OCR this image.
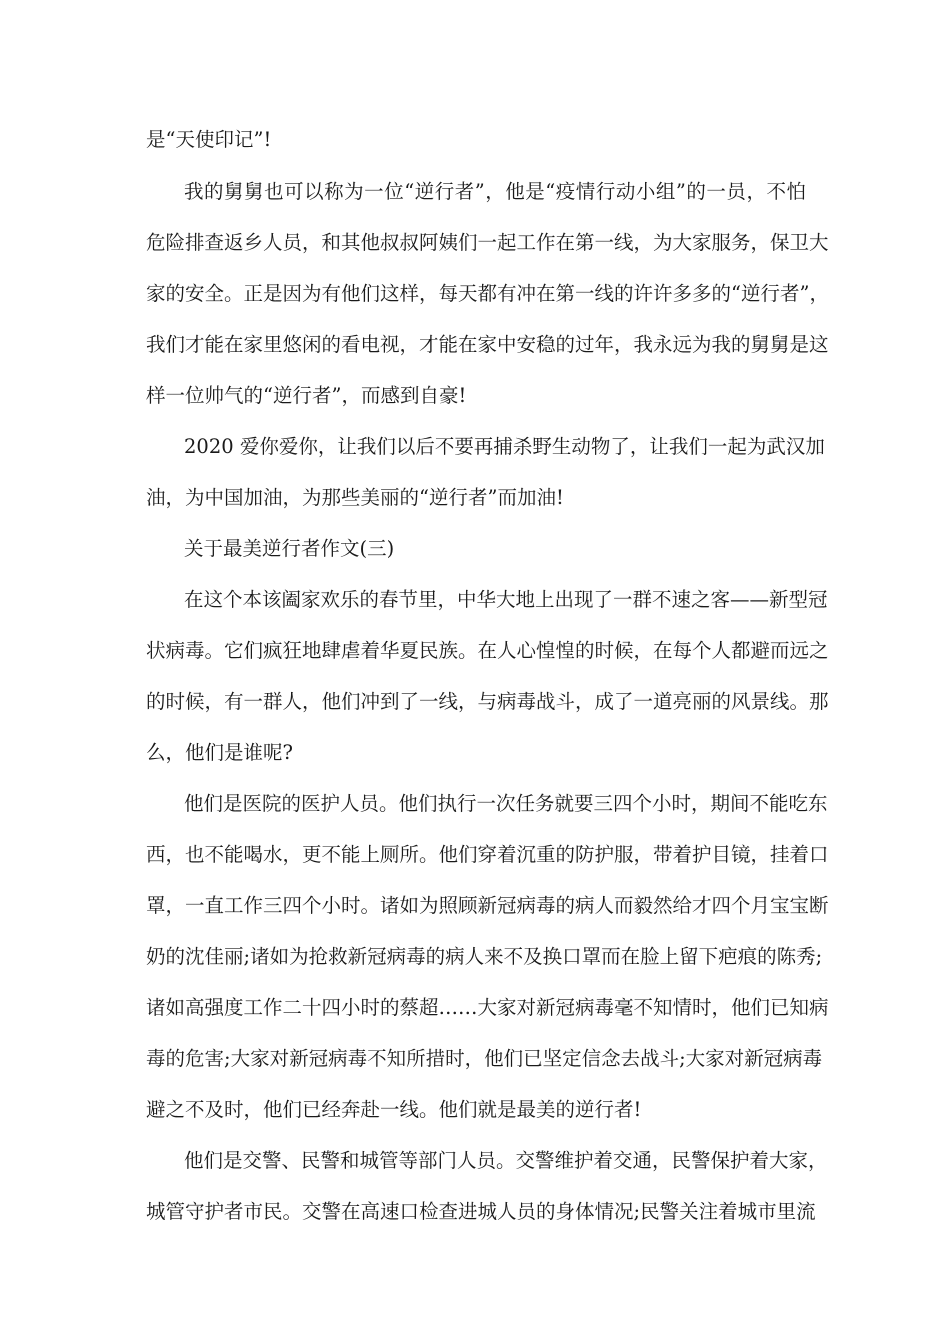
是“天使印记”!
我的舅舅也可以称为一位“逆行者”，他是“疫情行动小组”的一员，不怕
危险排查返乡人员，和其他叔叔阿姨们一起工作在第一线，为大家服务，保卫大
家的安全。正是因为有他们这样，每天都有冲在第一线的许许多多的“逆行者”，
我们才能在家里悠闲的看电视，才能在家中安稳的过年，我永远为我的舅舅是这
样一位帅气的“逆行者”，而感到自豪!
2020 爱你爱你，让我们以后不要再捕杀野生动物了，让我们一起为武汉加
油，为中国加油，为那些美丽的“逆行者”而加油!
关于最美逆行者作文(三)
在这个本该阖家欢乐的春节里，中华大地上出现了一群不速之客——新型冠
状病毒。它们疯狂地肆虐着华夏民族。在人心惶惶的时候，在每个人都避而远之
的时候，有一群人，他们冲到了一线，与病毒战斗，成了一道亮丽的风景线。那
么，他们是谁呢?
他们是医院的医护人员。他们执行一次任务就要三四个小时，期间不能吃东
西，也不能喝水，更不能上厕所。他们穿着沉重的防护服，带着护目镜，挂着口
罩，一直工作三四个小时。诸如为照顾新冠病毒的病人而毅然给才四个月宝宝断
奶的沈佳丽;诸如为抢救新冠病毒的病人来不及换口罩而在脸上留下疤痕的陈秀;
诸如高强度工作二十四小时的蔡超……大家对新冠病毒毫不知情时，他们已知病
毒的危害;大家对新冠病毒不知所措时，他们已坚定信念去战斗;大家对新冠病毒
避之不及时，他们已经奔赴一线。他们就是最美的逆行者!
他们是交警、民警和城管等部门人员。交警维护着交通，民警保护着大家，
城管守护者市民。交警在高速口检查进城人员的身体情况;民警关注着城市里流
